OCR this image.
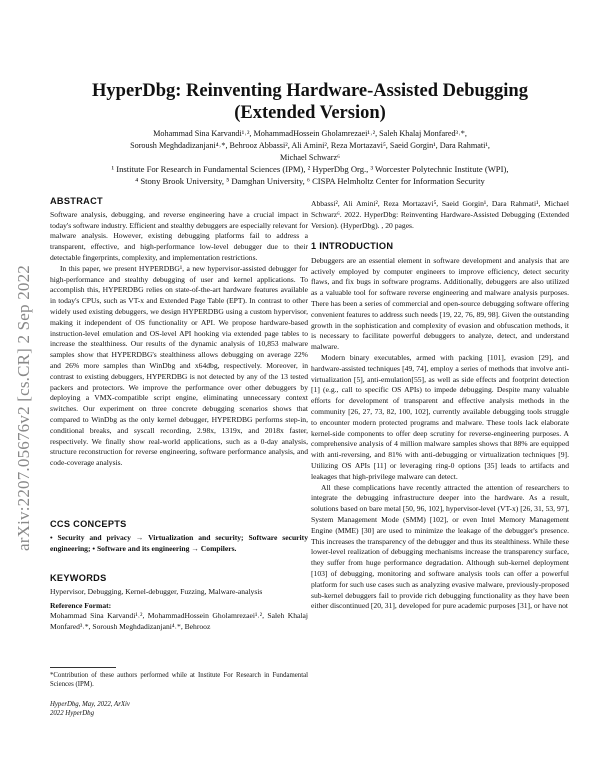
arXiv:2207.05676v2 [cs.CR] 2 Sep 2022
HyperDbg: Reinventing Hardware-Assisted Debugging
(Extended Version)
Mohammad Sina Karvandi¹˒², MohammadHossein Gholamrezaei¹˒², Saleh Khalaj Monfared³˒*,
Soroush Meghdadizanjani⁴˒*, Behrooz Abbassi², Ali Amini², Reza Mortazavi⁵, Saeid Gorgin¹, Dara Rahmati¹,
Michael Schwarz⁶
¹ Institute For Research in Fundamental Sciences (IPM), ² HyperDbg Org., ³ Worcester Polytechnic Institute (WPI),
⁴ Stony Brook University, ⁵ Damghan University, ⁶ CISPA Helmholtz Center for Information Security
ABSTRACT

Software analysis, debugging, and reverse engineering have a crucial impact in today's software industry. Efficient and stealthy debuggers are especially relevant for malware analysis. However, existing debugging platforms fail to address a transparent, effective, and high-performance low-level debugger due to their detectable fingerprints, complexity, and implementation restrictions.

In this paper, we present HYPERDBG¹, a new hypervisor-assisted debugger for high-performance and stealthy debugging of user and kernel applications. To accomplish this, HYPERDBG relies on state-of-the-art hardware features available in today's CPUs, such as VT-x and Extended Page Table (EPT). In contrast to other widely used existing debuggers, we design HYPERDBG using a custom hypervisor, making it independent of OS functionality or API. We propose hardware-based instruction-level emulation and OS-level API hooking via extended page tables to increase the stealthiness. Our results of the dynamic analysis of 10,853 malware samples show that HYPERDBG's stealthiness allows debugging on average 22% and 26% more samples than WinDbg and x64dbg, respectively. Moreover, in contrast to existing debuggers, HYPERDBG is not detected by any of the 13 tested packers and protectors. We improve the performance over other debuggers by deploying a VMX-compatible script engine, eliminating unnecessary context switches. Our experiment on three concrete debugging scenarios shows that compared to WinDbg as the only kernel debugger, HYPERDBG performs step-in, conditional breaks, and syscall recording, 2.98x, 1319x, and 2018x faster, respectively. We finally show real-world applications, such as a 0-day analysis, structure reconstruction for reverse engineering, software performance analysis, and code-coverage analysis.

CCS CONCEPTS

• Security and privacy → Virtualization and security; Software security engineering; • Software and its engineering → Compilers.

KEYWORDS

Hypervisor, Debugging, Kernel-debugger, Fuzzing, Malware-analysis

Reference Format:

Mohammad Sina Karvandi¹˒², MohammadHossein Gholamrezaei¹˒², Saleh Khalaj Monfared³˒*, Soroush Meghdadizanjani⁴˒*, Behrooz

*Contribution of these authors performed while at Institute For Research in Fundamental Sciences (IPM).

HyperDbg, May, 2022, ArXiv
2022 HyperDbg

Abbassi², Ali Amini², Reza Mortazavi⁵, Saeid Gorgin¹, Dara Rahmati¹, Michael Schwarz⁶. 2022. HyperDbg: Reinventing Hardware-Assisted Debugging (Extended Version). (HyperDbg). , 20 pages.

1 INTRODUCTION

Debuggers are an essential element in software development and analysis that are actively employed by computer engineers to improve efficiency, detect security flaws, and fix bugs in software programs. Additionally, debuggers are also utilized as a valuable tool for software reverse engineering and malware analysis purposes. There has been a series of commercial and open-source debugging software offering convenient features to address such needs [19, 22, 76, 89, 98]. Given the outstanding growth in the sophistication and complexity of evasion and obfuscation methods, it is necessary to facilitate powerful debuggers to analyze, detect, and understand malware.

Modern binary executables, armed with packing [101], evasion [29], and hardware-assisted techniques [49, 74], employ a series of methods that involve anti-virtualization [5], anti-emulation[55], as well as side effects and footprint detection [1] (e.g., call to specific OS APIs) to impede debugging. Despite many valuable efforts for development of transparent and effective analysis methods in the community [26, 27, 73, 82, 100, 102], currently available debugging tools struggle to encounter modern protected programs and malware. These tools lack elaborate kernel-side components to offer deep scrutiny for reverse-engineering purposes. A comprehensive analysis of 4 million malware samples shows that 88% are equipped with anti-reversing, and 81% with anti-debugging or virtualization techniques [9]. Utilizing OS APIs [11] or leveraging ring-0 options [35] leads to artifacts and leakages that high-privilege malware can detect.

All these complications have recently attracted the attention of researchers to integrate the debugging infrastructure deeper into the hardware. As a result, solutions based on bare metal [50, 96, 102], hypervisor-level (VT-x) [26, 31, 53, 97], System Management Mode (SMM) [102], or even Intel Memory Management Engine (MME) [30] are used to minimize the leakage of the debugger's presence. This increases the transparency of the debugger and thus its stealthiness. While these lower-level realization of debugging mechanisms increase the transparency surface, they suffer from huge performance degradation. Although sub-kernel deployment [103] of debugging, monitoring and software analysis tools can offer a powerful platform for such use cases such as analyzing evasive malware, previously-proposed sub-kernel debuggers fail to provide rich debugging functionality as they have been either discontinued [20, 31], developed for pure academic purposes [31], or have not
